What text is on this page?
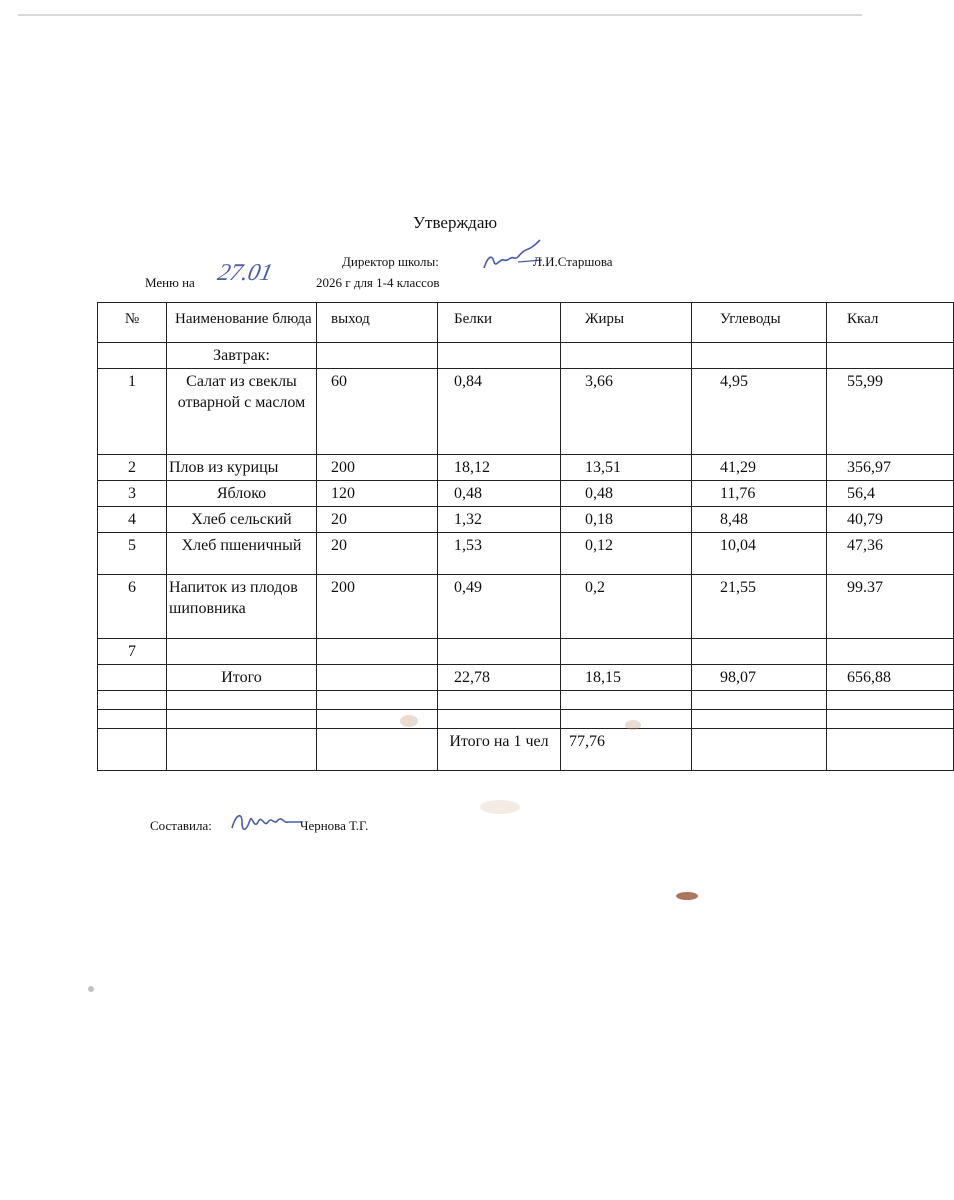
Утверждаю
Директор школы:	Л.И.Старшова
Меню на 27.01	2026 г для 1-4 классов
№	Наименование блюда	выход	Белки	Жиры	Углеводы	Ккал
	Завтрак:					
1	Салат из свеклы отварной с маслом	60	0,84	3,66	4,95	55,99
2	Плов из курицы	200	18,12	13,51	41,29	356,97
3	Яблоко	120	0,48	0,48	11,76	56,4
4	Хлеб сельский	20	1,32	0,18	8,48	40,79
5	Хлеб пшеничный	20	1,53	0,12	10,04	47,36
6	Напиток из плодов шиповника	200	0,49	0,2	21,55	99.37
7						
	Итого		22,78	18,15	98,07	656,88

			Итого на 1 чел	77,76		
Составила:	Чернова Т.Г.
